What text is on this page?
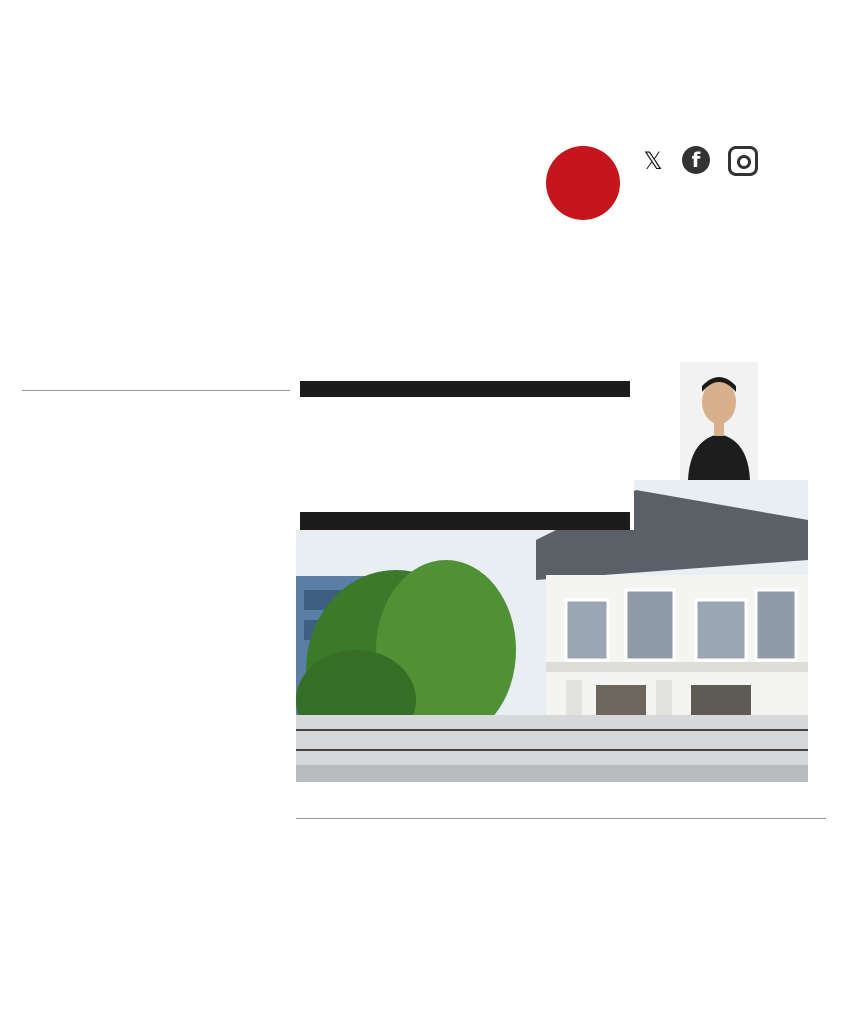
𝕏	f
